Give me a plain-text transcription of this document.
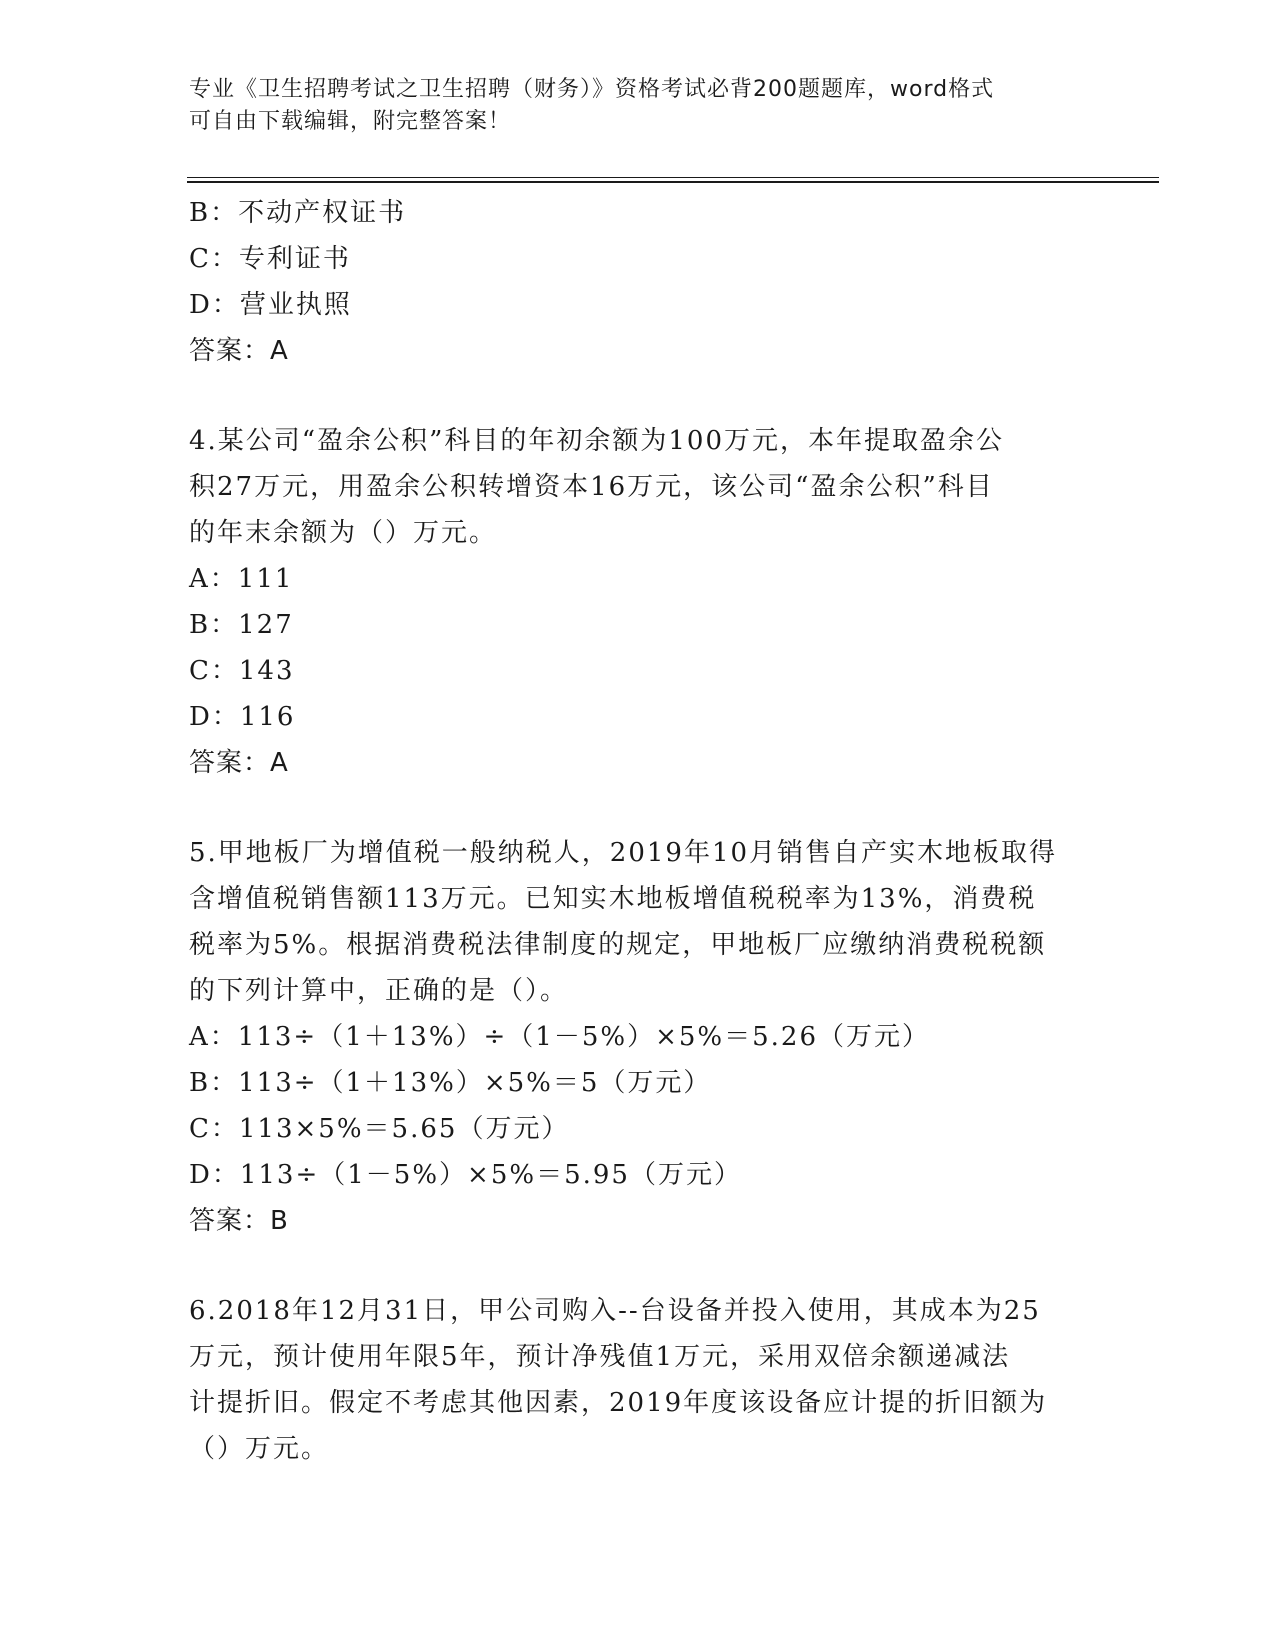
专业《卫生招聘考试之卫生招聘（财务）》资格考试必背200题题库，word格式
可自由下载编辑，附完整答案！
B：不动产权证书
C：专利证书
D：营业执照
答案：A
4.某公司“盈余公积”科目的年初余额为100万元，本年提取盈余公
积27万元，用盈余公积转增资本16万元，该公司“盈余公积”科目
的年末余额为（）万元。
A：111
B：127
C：143
D：116
答案：A
5.甲地板厂为增值税一般纳税人，2019年10月销售自产实木地板取得
含增值税销售额113万元。已知实木地板增值税税率为13%，消费税
税率为5%。根据消费税法律制度的规定，甲地板厂应缴纳消费税税额
的下列计算中，正确的是（）。
A：113÷（1＋13%）÷（1－5%）×5%＝5.26（万元）
B：113÷（1＋13%）×5%＝5（万元）
C：113×5%＝5.65（万元）
D：113÷（1－5%）×5%＝5.95（万元）
答案：B
6.2018年12月31日，甲公司购入--台设备并投入使用，其成本为25
万元，预计使用年限5年，预计净残值1万元，采用双倍余额递减法
计提折旧。假定不考虑其他因素，2019年度该设备应计提的折旧额为
（）万元。
